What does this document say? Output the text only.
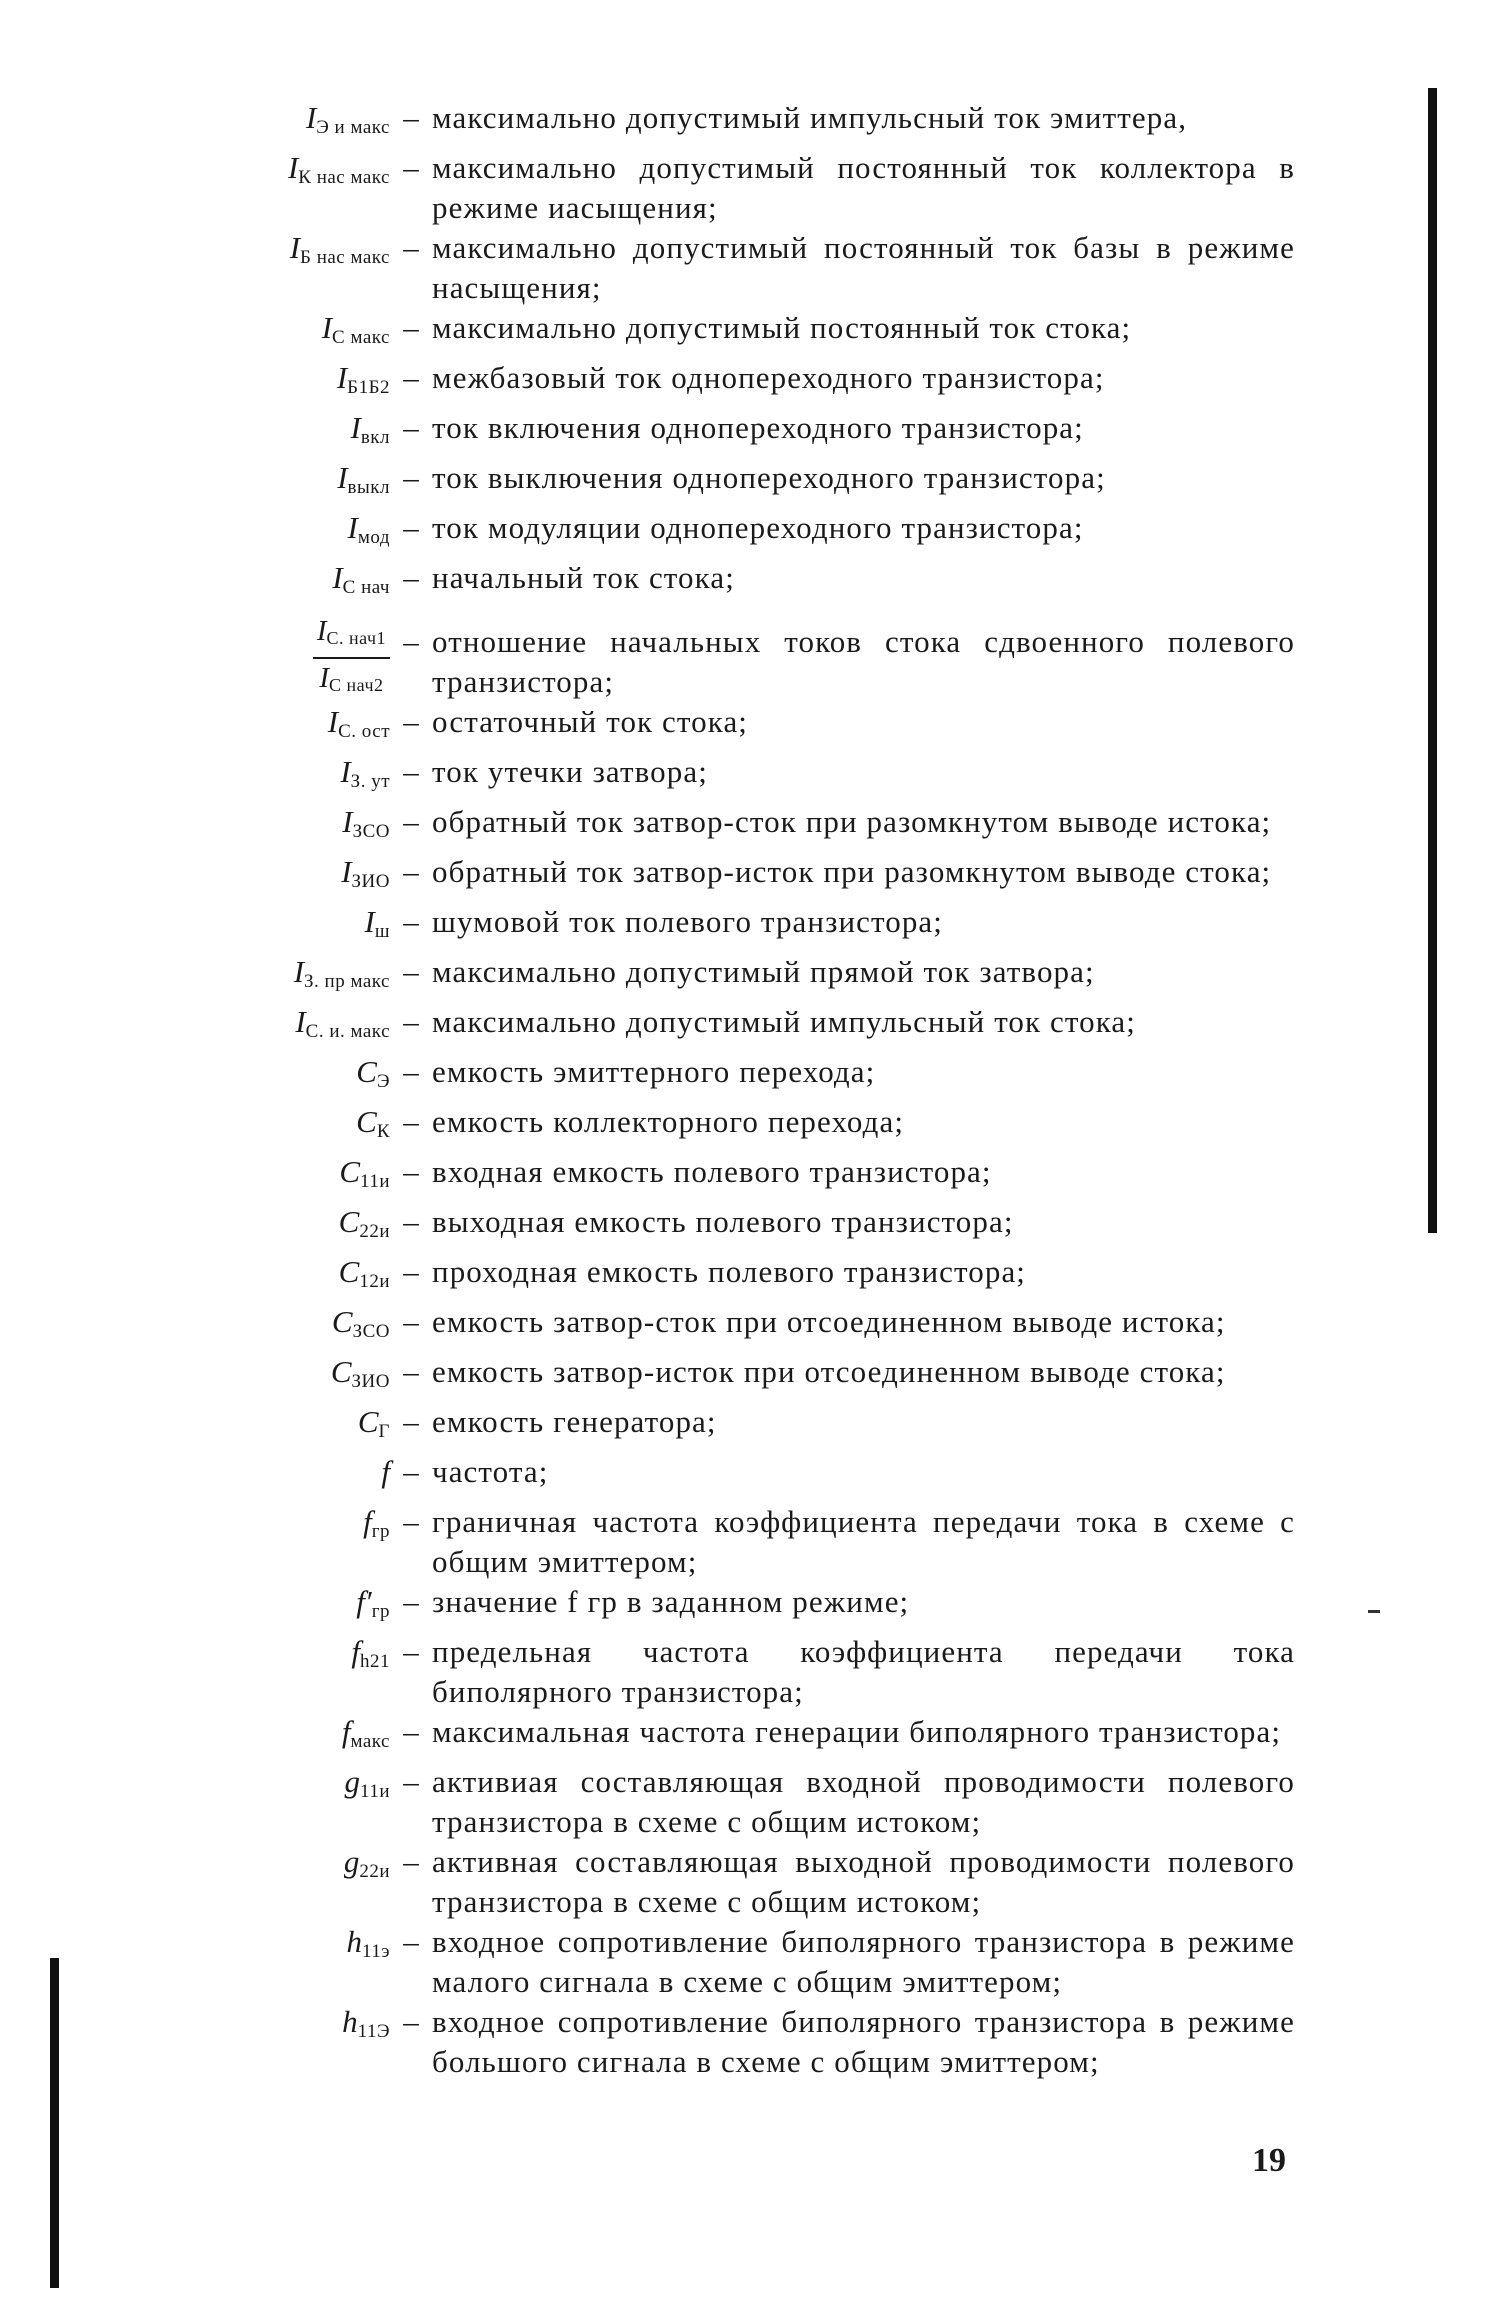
$I_{Э и макс}$ – максимально допустимый импульсный ток эмиттера,
$I_{К нас макс}$ – максимально допустимый постоянный ток коллектора в режиме иасыщения;
$I_{Б нас макс}$ – максимально допустимый постоянный ток базы в режиме насыщения;
$I_{С макс}$ – максимально допустимый постоянный ток стока;
$I_{Б1Б2}$ – межбазовый ток однопереходного транзистора;
$I_{вкл}$ – ток включения однопереходного транзистора;
$I_{выкл}$ – ток выключения однопереходного транзистора;
$I_{мод}$ – ток модуляции однопереходного транзистора;
$I_{С нач}$ – начальный ток стока;
$\frac{I_{С. нач1}}{I_{С нач2}}$ – отношение начальных токов стока сдвоенного полевого транзистора;
$I_{С. ост}$ – остаточный ток стока;
$I_{З. ут}$ – ток утечки затвора;
$I_{ЗСО}$ – обратный ток затвор-сток при разомкнутом выводе истока;
$I_{ЗИО}$ – обратный ток затвор-исток при разомкнутом выводе стока;
$I_ш$ – шумовой ток полевого транзистора;
$I_{З. пр макс}$ – максимально допустимый прямой ток затвора;
$I_{С. и. макс}$ – максимально допустимый импульсный ток стока;
$C_Э$ – емкость эмиттерного перехода;
$C_К$ – емкость коллекторного перехода;
$C_{11и}$ – входная емкость полевого транзистора;
$C_{22и}$ – выходная емкость полевого транзистора;
$C_{12и}$ – проходная емкость полевого транзистора;
$C_{ЗСО}$ – емкость затвор-сток при отсоединенном выводе истока;
$C_{ЗИО}$ – емкость затвор-исток при отсоединенном выводе стока;
$C_Г$ – емкость генератора;
f – частота;
$f_{гр}$ – граничная частота коэффициента передачи тока в схеме с общим эмиттером;
$f'_{гр}$ – значение f гр в заданном режиме;
$f_{h21}$ – предельная частота коэффициента передачи тока биполярного транзистора;
$f_{макс}$ – максимальная частота генерации биполярного транзистора;
$g_{11и}$ – активиая составляющая входной проводимости полевого транзистора в схеме с общим истоком;
$g_{22и}$ – активная составляющая выходной проводимости полевого транзистора в схеме с общим истоком;
$h_{11э}$ – входное сопротивление биполярного транзистора в режиме малого сигнала в схеме с общим эмиттером;
$h_{11Э}$ – входное сопротивление биполярного транзистора в режиме большого сигнала в схеме с общим эмиттером;
19
